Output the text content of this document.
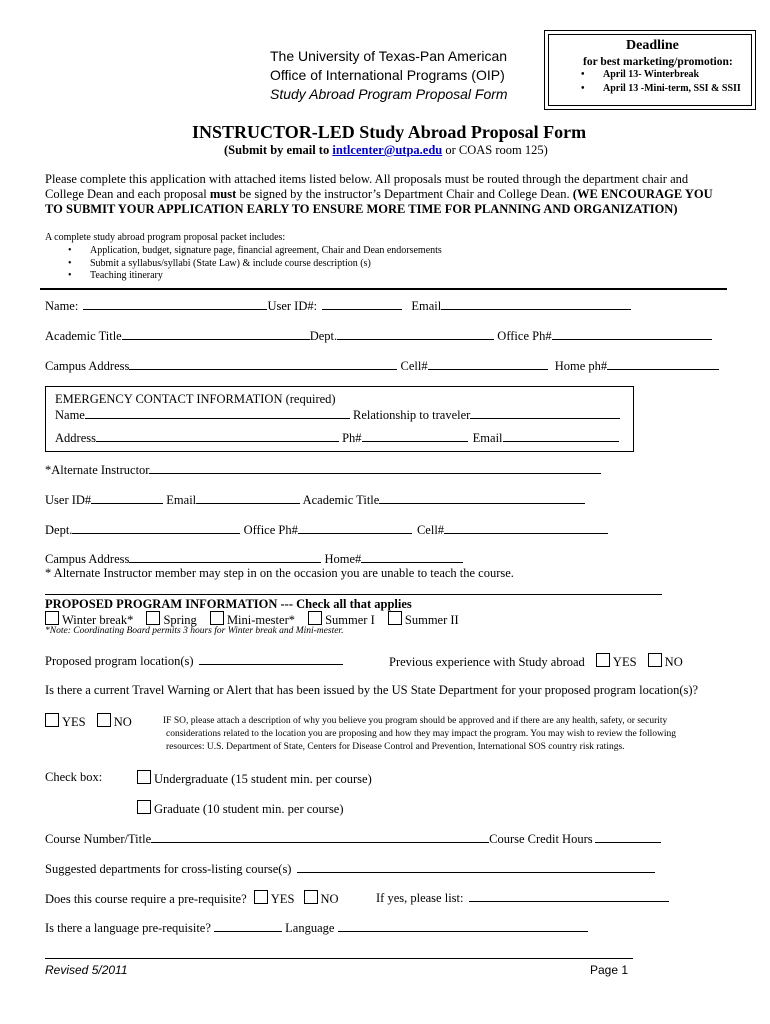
The University of Texas-Pan American
Office of International Programs (OIP)
Study Abroad Program Proposal Form
Deadline
for best marketing/promotion:
• April 13- Winterbreak
• April 13 -Mini-term, SSI & SSII
INSTRUCTOR-LED Study Abroad Proposal Form
(Submit by email to intlcenter@utpa.edu or COAS room 125)
Please complete this application with attached items listed below. All proposals must be routed through the department chair and
College Dean and each proposal must be signed by the instructor’s Department Chair and College Dean. (WE ENCOURAGE YOU
TO SUBMIT YOUR APPLICATION EARLY TO ENSURE MORE TIME FOR PLANNING AND ORGANIZATION)
A complete study abroad program proposal packet includes:
• Application, budget, signature page, financial agreement, Chair and Dean endorsements
• Submit a syllabus/syllabi (State Law) & include course description (s)
• Teaching itinerary
Name:	User ID#:	Email
Academic Title	Dept.	Office Ph#
Campus Address	Cell#	Home ph#
EMERGENCY CONTACT INFORMATION (required)
Name	Relationship to traveler
Address	Ph#	Email
*Alternate Instructor
User ID#	Email	Academic Title
Dept.	Office Ph#	Cell#
Campus Address	Home#
* Alternate Instructor member may step in on the occasion you are unable to teach the course.
PROPOSED PROGRAM INFORMATION --- Check all that applies
Winter break* Spring Mini-mester* Summer I Summer II
*Note: Coordinating Board permits 3 hours for Winter break and Mini-mester.
Proposed program location(s)	Previous experience with Study abroad YES NO
Is there a current Travel Warning or Alert that has been issued by the US State Department for your proposed program location(s)?
YES NO	IF SO, please attach a description of why you believe you program should be approved and if there are any health, safety, or security
considerations related to the location you are proposing and how they may impact the program. You may wish to review the following
resources: U.S. Department of State, Centers for Disease Control and Prevention, International SOS country risk ratings.
Check box:	Undergraduate (15 student min. per course)
Graduate (10 student min. per course)
Course Number/Title	Course Credit Hours
Suggested departments for cross-listing course(s)
Does this course require a pre-requisite? YES NO	If yes, please list:
Is there a language pre-requisite?	Language
Revised 5/2011	Page 1
